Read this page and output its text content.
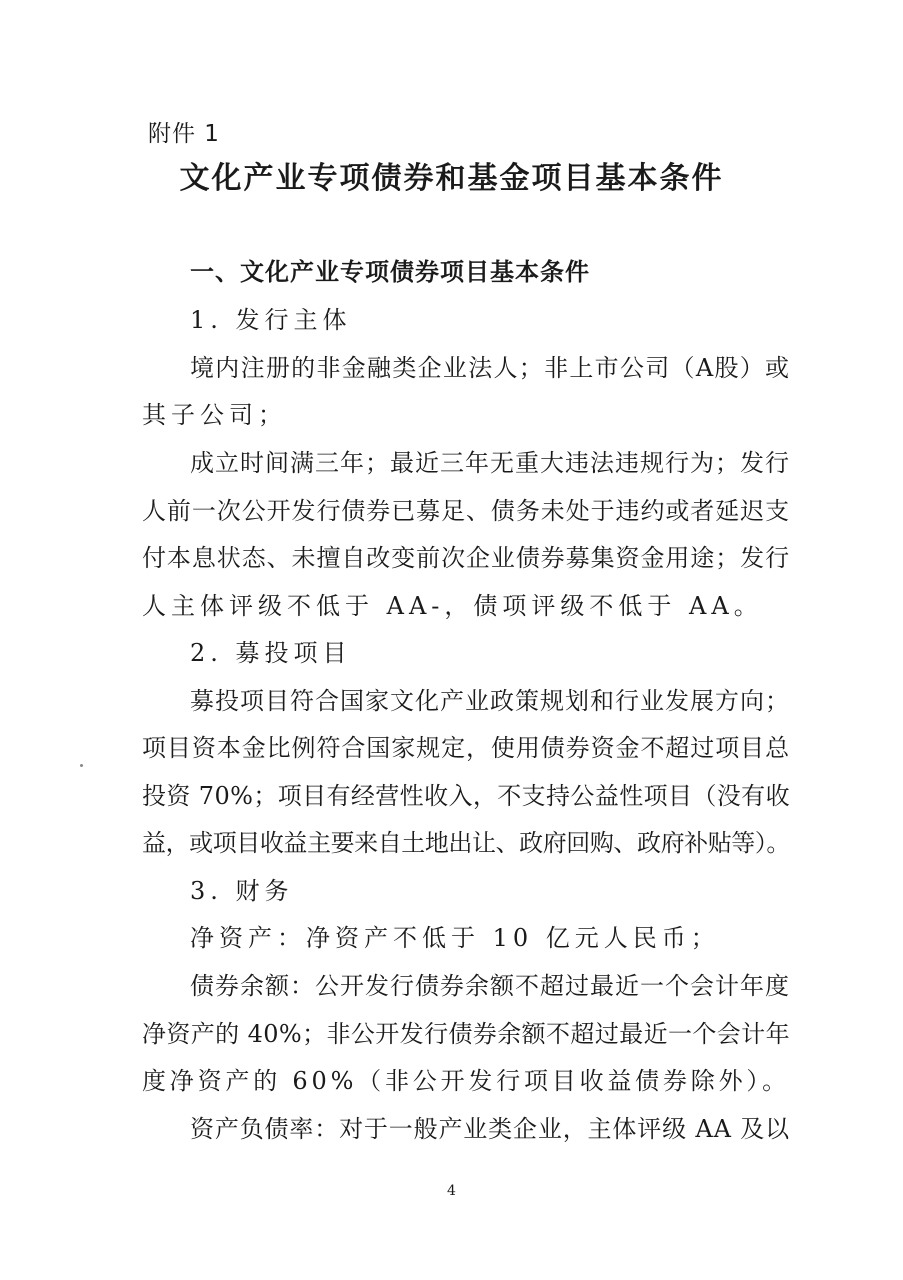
附件 1
文化产业专项债券和基金项目基本条件
一、文化产业专项债券项目基本条件
1. 发行主体
境内注册的非金融类企业法人；非上市公司（A股）或
其子公司；
成立时间满三年；最近三年无重大违法违规行为；发行
人前一次公开发行债券已募足、债务未处于违约或者延迟支
付本息状态、未擅自改变前次企业债券募集资金用途；发行
人主体评级不低于 AA-，债项评级不低于 AA。
2. 募投项目
募投项目符合国家文化产业政策规划和行业发展方向；
项目资本金比例符合国家规定，使用债券资金不超过项目总
投资 70%；项目有经营性收入，不支持公益性项目（没有收
益，或项目收益主要来自土地出让、政府回购、政府补贴等）。
3. 财务
净资产：净资产不低于 10 亿元人民币；
债券余额：公开发行债券余额不超过最近一个会计年度
净资产的 40%；非公开发行债券余额不超过最近一个会计年
度净资产的 60%（非公开发行项目收益债券除外）。
资产负债率：对于一般产业类企业，主体评级 AA 及以
4
